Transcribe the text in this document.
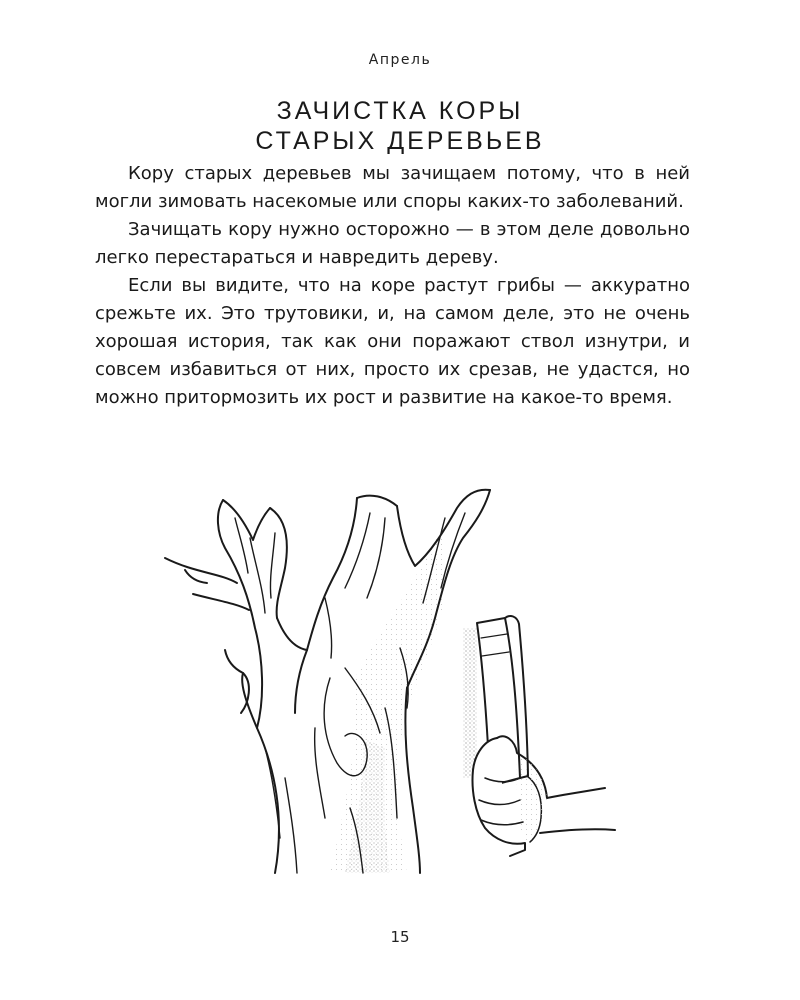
Апрель
ЗАЧИСТКА КОРЫ
СТАРЫХ ДЕРЕВЬЕВ

Кору старых деревьев мы зачищаем потому, что в ней могли зимовать насекомые или споры каких-то заболеваний.

Зачищать кору нужно осторожно — в этом деле довольно легко перестараться и навредить дереву.

Если вы видите, что на коре растут грибы — аккуратно срежьте их. Это трутовики, и, на самом деле, это не очень хорошая история, так как они поражают ствол изнутри, и совсем избавиться от них, просто их срезав, не удастся, но можно притормозить их рост и развитие на какое-то время.

15
